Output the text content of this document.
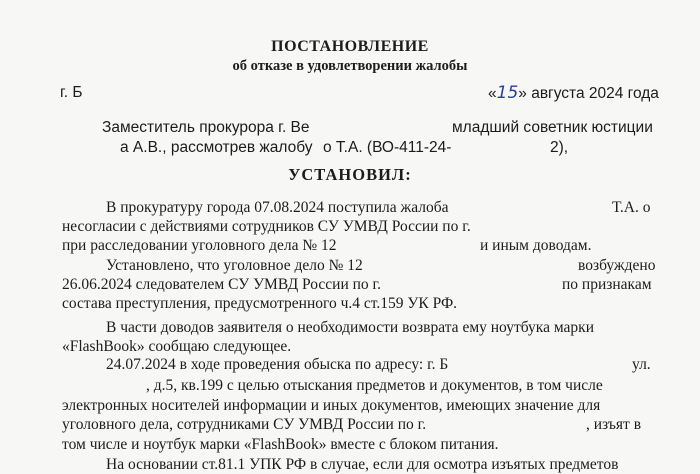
ПОСТАНОВЛЕНИЕ
об отказе в удовлетворении жалобы
г. Б	«15» августа 2024 года
Заместитель прокурора г. Ве	младший советник юстиции
а А.В., рассмотрев жалобу о Т.А. (ВО-411-24-	2),
УСТАНОВИЛ:
В прокуратуру города 07.08.2024 поступила жалоба	Т.А. о
несогласии с действиями сотрудников СУ УМВД России по г.
при расследовании уголовного дела № 12	и иным доводам.
Установлено, что уголовное дело № 12	возбуждено
26.06.2024 следователем СУ УМВД России по г.	по признакам
состава преступления, предусмотренного ч.4 ст.159 УК РФ.
В части доводов заявителя о необходимости возврата ему ноутбука марки
«FlashBook» сообщаю следующее.
24.07.2024 в ходе проведения обыска по адресу: г. Б	ул.
, д.5, кв.199 с целью отыскания предметов и документов, в том числе
электронных носителей информации и иных документов, имеющих значение для
уголовного дела, сотрудниками СУ УМВД России по г.	, изъят в
том числе и ноутбук марки «FlashBook» вместе с блоком питания.
На основании ст.81.1 УПК РФ в случае, если для осмотра изъятых предметов
